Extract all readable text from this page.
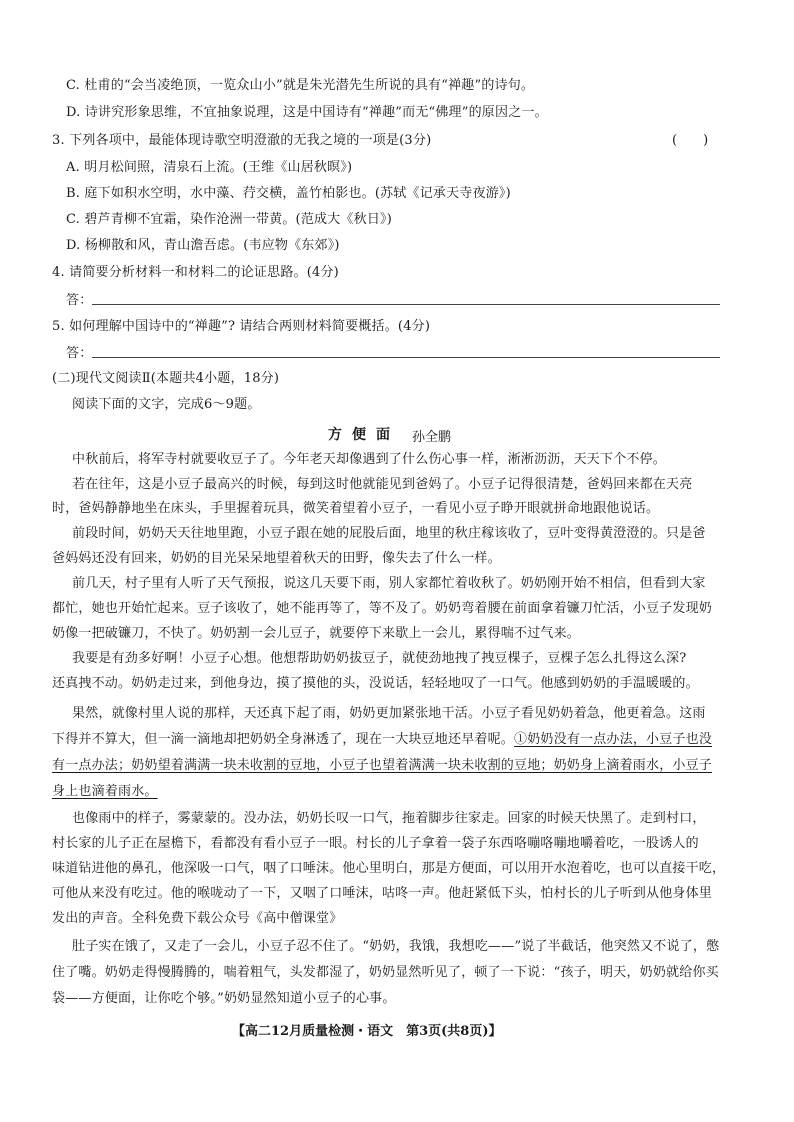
C. 杜甫的“会当凌绝顶，一览众山小”就是朱光潜先生所说的具有“禅趣”的诗句。
D. 诗讲究形象思维，不宜抽象说理，这是中国诗有“禅趣”而无“佛理”的原因之一。
3. 下列各项中，最能体现诗歌空明澄澈的无我之境的一项是(3分)	(　　)
A. 明月松间照，清泉石上流。(王维《山居秋暝》)
B. 庭下如积水空明，水中藻、荇交横，盖竹柏影也。(苏轼《记承天寺夜游》)
C. 碧芦青柳不宜霜，染作沧洲一带黄。(范成大《秋日》)
D. 杨柳散和风，青山澹吾虑。(韦应物《东郊》)
4. 请简要分析材料一和材料二的论证思路。(4分)
答：
5. 如何理解中国诗中的“禅趣”? 请结合两则材料简要概括。(4分)
答：
(二)现代文阅读Ⅱ(本题共4小题，18分)
阅读下面的文字，完成6～9题。
方便面 孙全鹏
中秋前后，将军寺村就要收豆子了。今年老天却像遇到了什么伤心事一样，淅淅沥沥，天天下个不停。
若在往年，这是小豆子最高兴的时候，每到这时他就能见到爸妈了。小豆子记得很清楚，爸妈回来都在天亮
时，爸妈静静地坐在床头，手里握着玩具，微笑着望着小豆子，一看见小豆子睁开眼就拼命地跟他说话。
前段时间，奶奶天天往地里跑，小豆子跟在她的屁股后面，地里的秋庄稼该收了，豆叶变得黄澄澄的。只是爸
爸妈妈还没有回来，奶奶的目光呆呆地望着秋天的田野，像失去了什么一样。
前几天，村子里有人听了天气预报，说这几天要下雨，别人家都忙着收秋了。奶奶刚开始不相信，但看到大家
都忙，她也开始忙起来。豆子该收了，她不能再等了，等不及了。奶奶弯着腰在前面拿着镰刀忙活，小豆子发现奶
奶像一把破镰刀，不快了。奶奶割一会儿豆子，就要停下来歇上一会儿，累得喘不过气来。
我要是有劲多好啊！小豆子心想。他想帮助奶奶拔豆子，就使劲地拽了拽豆棵子，豆棵子怎么扎得这么深?
还真拽不动。奶奶走过来，到他身边，摸了摸他的头，没说话，轻轻地叹了一口气。他感到奶奶的手温暖暖的。
果然，就像村里人说的那样，天还真下起了雨，奶奶更加紧张地干活。小豆子看见奶奶着急，他更着急。这雨
下得并不算大，但一滴一滴地却把奶奶全身淋透了，现在一大块豆地还早着呢。①奶奶没有一点办法，小豆子也没
有一点办法；奶奶望着满满一块未收割的豆地，小豆子也望着满满一块未收割的豆地；奶奶身上滴着雨水，小豆子
身上也滴着雨水。
也像雨中的样子，雾蒙蒙的。没办法，奶奶长叹一口气，拖着脚步往家走。回家的时候天快黑了。走到村口，
村长家的儿子正在屋檐下，看都没有看小豆子一眼。村长的儿子拿着一袋子东西咯嘣咯嘣地嚼着吃，一股诱人的
味道钻进他的鼻孔，他深吸一口气，咽了口唾沫。他心里明白，那是方便面，可以用开水泡着吃，也可以直接干吃，
可他从来没有吃过。他的喉咙动了一下，又咽了口唾沫，咕咚一声。他赶紧低下头，怕村长的儿子听到从他身体里
发出的声音。全科免费下载公众号《高中僧课堂》
肚子实在饿了，又走了一会儿，小豆子忍不住了。“奶奶，我饿，我想吃——”说了半截话，他突然又不说了，憋
住了嘴。奶奶走得慢腾腾的，喘着粗气，头发都湿了，奶奶显然听见了，顿了一下说：“孩子，明天，奶奶就给你买
袋——方便面，让你吃个够。”奶奶显然知道小豆子的心事。
【高二12月质量检测・语文　第3页(共8页)】
